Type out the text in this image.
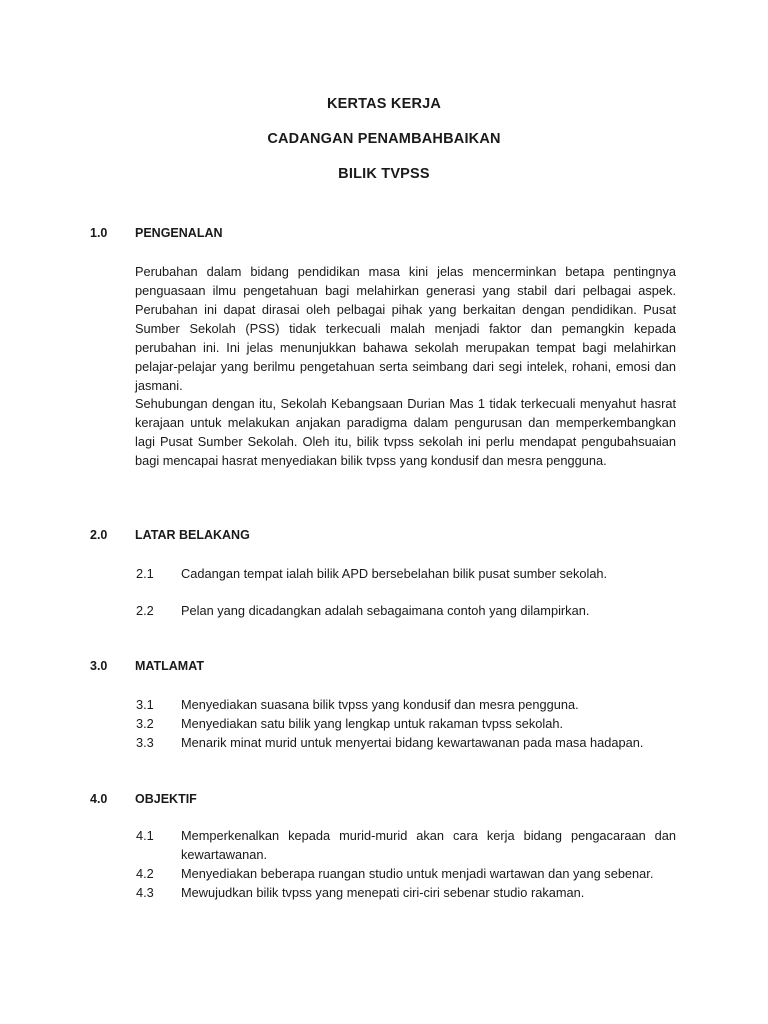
KERTAS KERJA
CADANGAN PENAMBAHBAIKAN
BILIK TVPSS
1.0 PENGENALAN
Perubahan dalam bidang pendidikan masa kini jelas mencerminkan betapa pentingnya penguasaan ilmu pengetahuan bagi melahirkan generasi yang stabil dari pelbagai aspek. Perubahan ini dapat dirasai oleh pelbagai pihak yang berkaitan dengan pendidikan. Pusat Sumber Sekolah (PSS) tidak terkecuali malah menjadi faktor dan pemangkin kepada perubahan ini. Ini jelas menunjukkan bahawa sekolah merupakan tempat bagi melahirkan pelajar-pelajar yang berilmu pengetahuan serta seimbang dari segi intelek, rohani, emosi dan jasmani.
Sehubungan dengan itu, Sekolah Kebangsaan Durian Mas 1 tidak terkecuali menyahut hasrat kerajaan untuk melakukan anjakan paradigma dalam pengurusan dan memperkembangkan lagi Pusat Sumber Sekolah. Oleh itu, bilik tvpss sekolah ini perlu mendapat pengubahsuaian bagi mencapai hasrat menyediakan bilik tvpss yang kondusif dan mesra pengguna.
2.0 LATAR BELAKANG
2.1 Cadangan tempat ialah bilik APD bersebelahan bilik pusat sumber sekolah.
2.2 Pelan yang dicadangkan adalah sebagaimana contoh yang dilampirkan.
3.0 MATLAMAT
3.1 Menyediakan suasana bilik tvpss yang kondusif dan mesra pengguna.
3.2 Menyediakan satu bilik yang lengkap untuk rakaman tvpss sekolah.
3.3 Menarik minat murid untuk menyertai bidang kewartawanan pada masa hadapan.
4.0 OBJEKTIF
4.1 Memperkenalkan kepada murid-murid akan cara kerja bidang pengacaraan dan kewartawanan.
4.2 Menyediakan beberapa ruangan studio untuk menjadi wartawan dan yang sebenar.
4.3 Mewujudkan bilik tvpss yang menepati ciri-ciri sebenar studio rakaman.
